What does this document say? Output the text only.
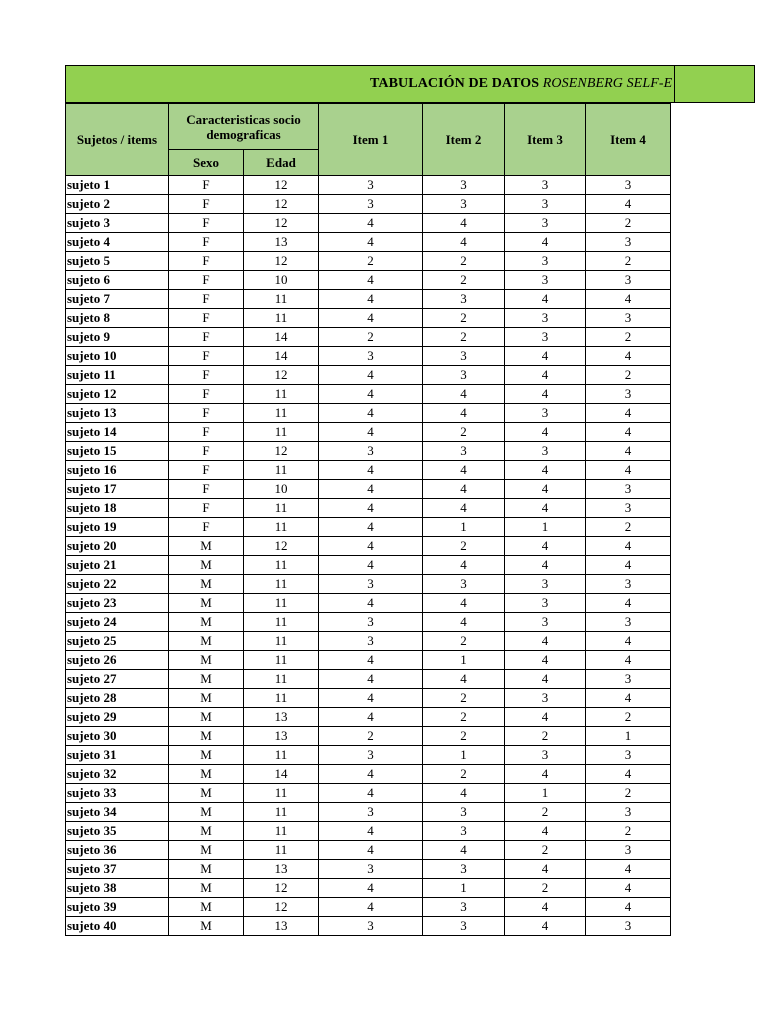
TABULACIÓN DE DATOS ROSENBERG SELF-E
Sujetos / items	Caracteristicas socio demograficas		Item 1	Item 2	Item 3	Item 4
	Sexo	Edad				
sujeto 1	F	12	3	3	3	3
sujeto 2	F	12	3	3	3	4
sujeto 3	F	12	4	4	3	2
sujeto 4	F	13	4	4	4	3
sujeto 5	F	12	2	2	3	2
sujeto 6	F	10	4	2	3	3
sujeto 7	F	11	4	3	4	4
sujeto 8	F	11	4	2	3	3
sujeto 9	F	14	2	2	3	2
sujeto 10	F	14	3	3	4	4
sujeto 11	F	12	4	3	4	2
sujeto 12	F	11	4	4	4	3
sujeto 13	F	11	4	4	3	4
sujeto 14	F	11	4	2	4	4
sujeto 15	F	12	3	3	3	4
sujeto 16	F	11	4	4	4	4
sujeto 17	F	10	4	4	4	3
sujeto 18	F	11	4	4	4	3
sujeto 19	F	11	4	1	1	2
sujeto 20	M	12	4	2	4	4
sujeto 21	M	11	4	4	4	4
sujeto 22	M	11	3	3	3	3
sujeto 23	M	11	4	4	3	4
sujeto 24	M	11	3	4	3	3
sujeto 25	M	11	3	2	4	4
sujeto 26	M	11	4	1	4	4
sujeto 27	M	11	4	4	4	3
sujeto 28	M	11	4	2	3	4
sujeto 29	M	13	4	2	4	2
sujeto 30	M	13	2	2	2	1
sujeto 31	M	11	3	1	3	3
sujeto 32	M	14	4	2	4	4
sujeto 33	M	11	4	4	1	2
sujeto 34	M	11	3	3	2	3
sujeto 35	M	11	4	3	4	2
sujeto 36	M	11	4	4	2	3
sujeto 37	M	13	3	3	4	4
sujeto 38	M	12	4	1	2	4
sujeto 39	M	12	4	3	4	4
sujeto 40	M	13	3	3	4	3
